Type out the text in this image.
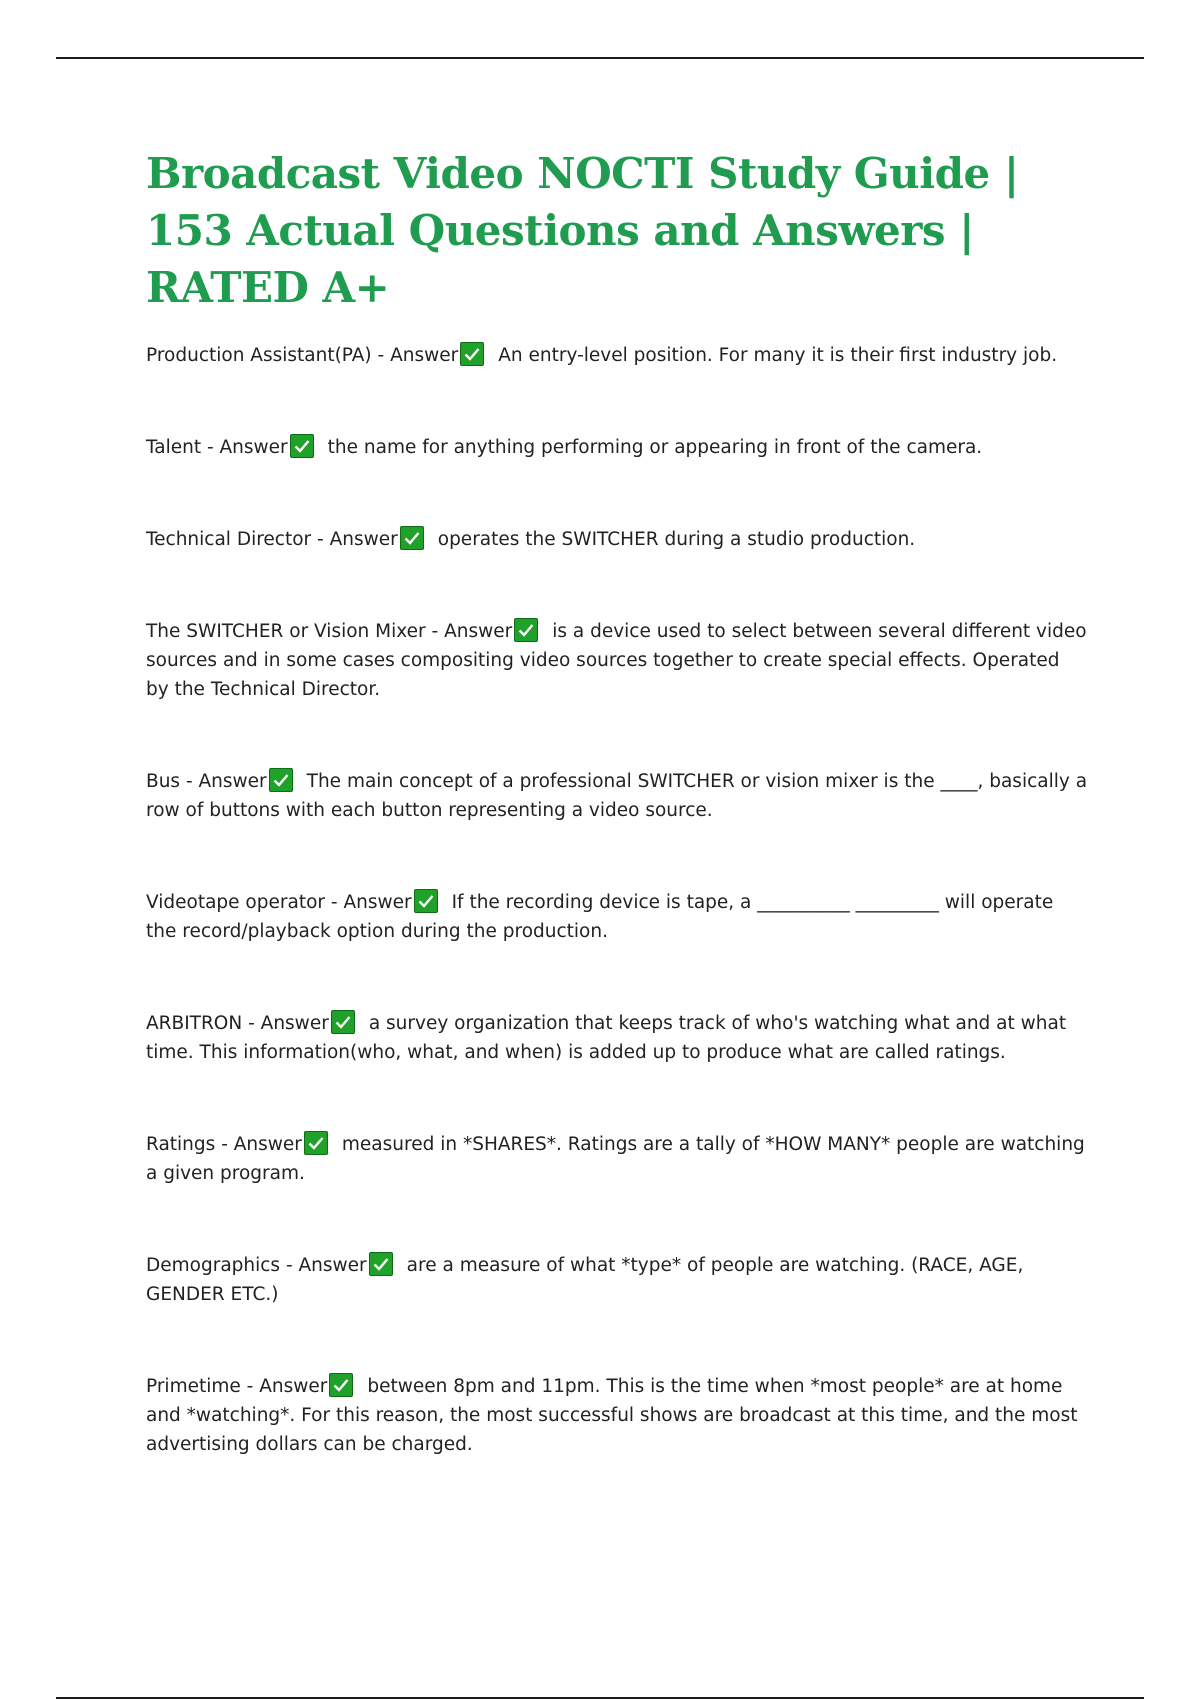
Broadcast Video NOCTI Study Guide | 153 Actual Questions and Answers | RATED A+

Production Assistant(PA) - Answer An entry-level position. For many it is their first industry job.

Talent - Answer the name for anything performing or appearing in front of the camera.

Technical Director - Answer operates the SWITCHER during a studio production.

The SWITCHER or Vision Mixer - Answer is a device used to select between several different video sources and in some cases compositing video sources together to create special effects. Operated by the Technical Director.

Bus - Answer The main concept of a professional SWITCHER or vision mixer is the ____, basically a row of buttons with each button representing a video source.

Videotape operator - Answer If the recording device is tape, a __________ _________ will operate the record/playback option during the production.

ARBITRON - Answer a survey organization that keeps track of who's watching what and at what time. This information(who, what, and when) is added up to produce what are called ratings.

Ratings - Answer measured in *SHARES*. Ratings are a tally of *HOW MANY* people are watching a given program.

Demographics - Answer are a measure of what *type* of people are watching. (RACE, AGE, GENDER ETC.)

Primetime - Answer between 8pm and 11pm. This is the time when *most people* are at home and *watching*. For this reason, the most successful shows are broadcast at this time, and the most advertising dollars can be charged.
